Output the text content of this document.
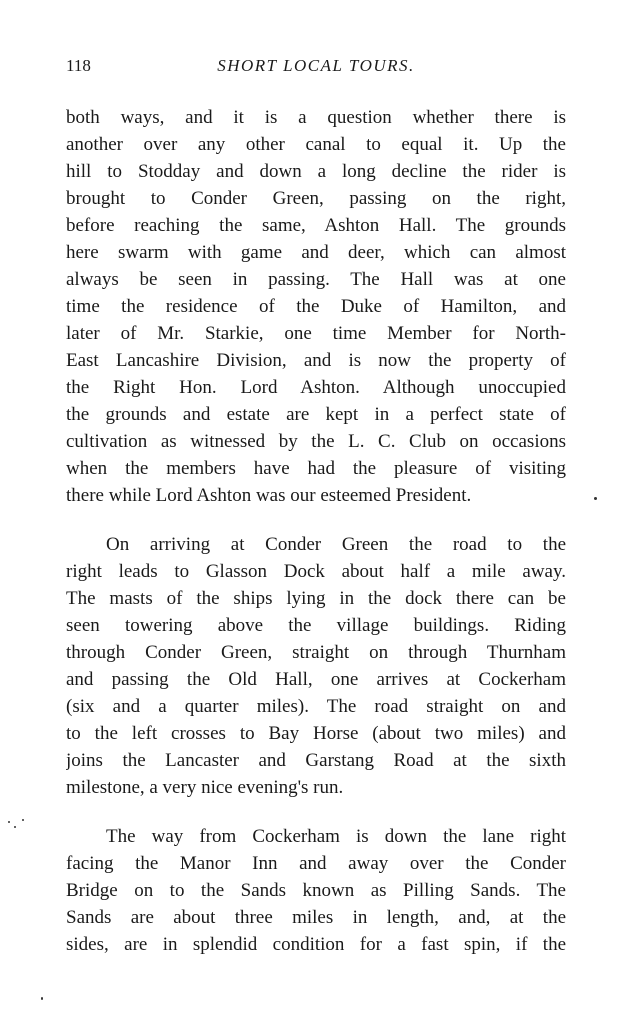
118	SHORT LOCAL TOURS.
both ways, and it is a question whether there is
another over any other canal to equal it. Up the
hill to Stodday and down a long decline the rider is
brought to Conder Green, passing on the right,
before reaching the same, Ashton Hall. The grounds
here swarm with game and deer, which can almost
always be seen in passing. The Hall was at one
time the residence of the Duke of Hamilton, and
later of Mr. Starkie, one time Member for North-
East Lancashire Division, and is now the property of
the Right Hon. Lord Ashton. Although unoccupied
the grounds and estate are kept in a perfect state of
cultivation as witnessed by the L. C. Club on occasions
when the members have had the pleasure of visiting
there while Lord Ashton was our esteemed President.
On arriving at Conder Green the road to the
right leads to Glasson Dock about half a mile away.
The masts of the ships lying in the dock there can be
seen towering above the village buildings. Riding
through Conder Green, straight on through Thurnham
and passing the Old Hall, one arrives at Cockerham
(six and a quarter miles). The road straight on and
to the left crosses to Bay Horse (about two miles) and
joins the Lancaster and Garstang Road at the sixth
milestone, a very nice evening's run.
The way from Cockerham is down the lane right
facing the Manor Inn and away over the Conder
Bridge on to the Sands known as Pilling Sands. The
Sands are about three miles in length, and, at the
sides, are in splendid condition for a fast spin, if the
